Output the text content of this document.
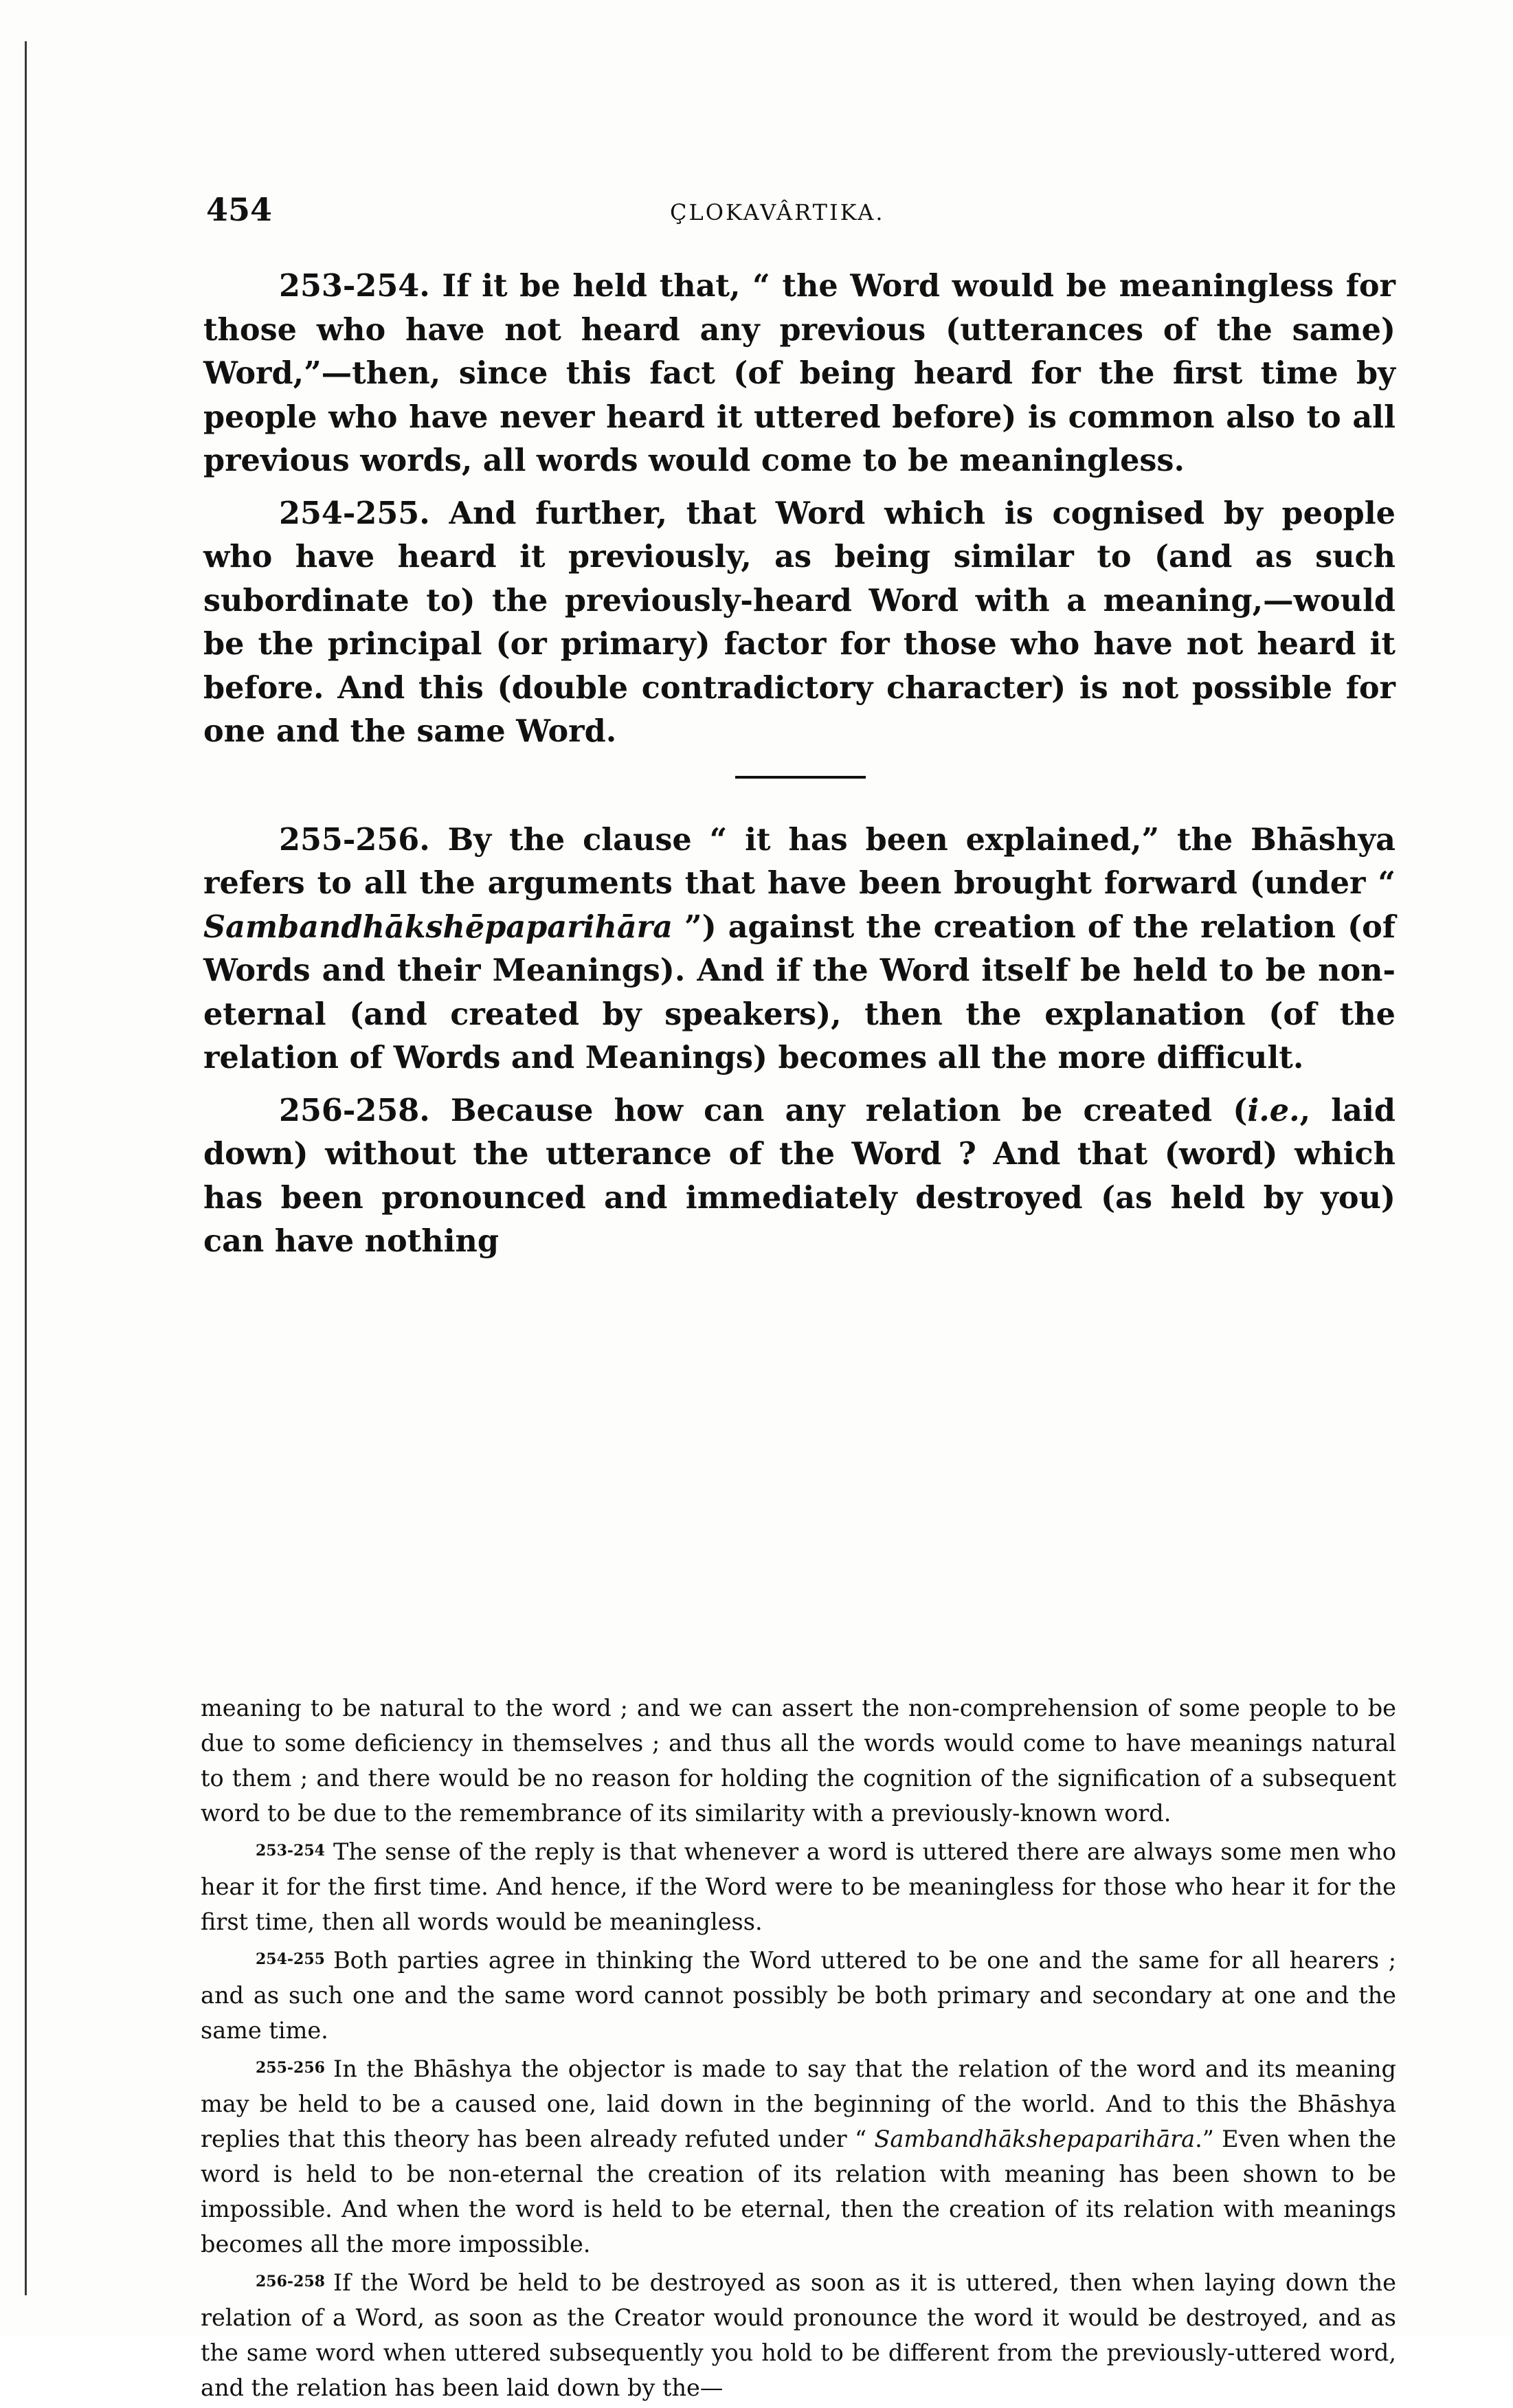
454	ÇLOKAVÂRTIKA.

253-254. If it be held that, “ the Word would be meaningless for those who have not heard any previous (utterances of the same) Word,”—then, since this fact (of being heard for the first time by people who have never heard it uttered before) is common also to all previous words, all words would come to be meaningless.

254-255. And further, that Word which is cognised by people who have heard it previously, as being similar to (and as such subordinate to) the previously-heard Word with a meaning,—would be the principal (or primary) factor for those who have not heard it before. And this (double contradictory character) is not possible for one and the same Word.

255-256. By the clause “ it has been explained,” the Bhāshya refers to all the arguments that have been brought forward (under “ Sambandhākshēpaparihāra ”) against the creation of the relation (of Words and their Meanings). And if the Word itself be held to be non-eternal (and created by speakers), then the explanation (of the relation of Words and Meanings) becomes all the more difficult.

256-258. Because how can any relation be created (i.e., laid down) without the utterance of the Word ? And that (word) which has been pronounced and immediately destroyed (as held by you) can have nothing

meaning to be natural to the word ; and we can assert the non-comprehension of some people to be due to some deficiency in themselves ; and thus all the words would come to have meanings natural to them ; and there would be no reason for holding the cognition of the signification of a subsequent word to be due to the remembrance of its similarity with a previously-known word.

253-254 The sense of the reply is that whenever a word is uttered there are always some men who hear it for the first time. And hence, if the Word were to be meaningless for those who hear it for the first time, then all words would be meaningless.

254-255 Both parties agree in thinking the Word uttered to be one and the same for all hearers ; and as such one and the same word cannot possibly be both primary and secondary at one and the same time.

255-256 In the Bhāshya the objector is made to say that the relation of the word and its meaning may be held to be a caused one, laid down in the beginning of the world. And to this the Bhāshya replies that this theory has been already refuted under “ Sambandhākshepaparihāra.” Even when the word is held to be non-eternal the creation of its relation with meaning has been shown to be impossible. And when the word is held to be eternal, then the creation of its relation with meanings becomes all the more impossible.

256-258 If the Word be held to be destroyed as soon as it is uttered, then when laying down the relation of a Word, as soon as the Creator would pronounce the word it would be destroyed, and as the same word when uttered subsequently you hold to be different from the previously-uttered word, and the relation has been laid down by the—
